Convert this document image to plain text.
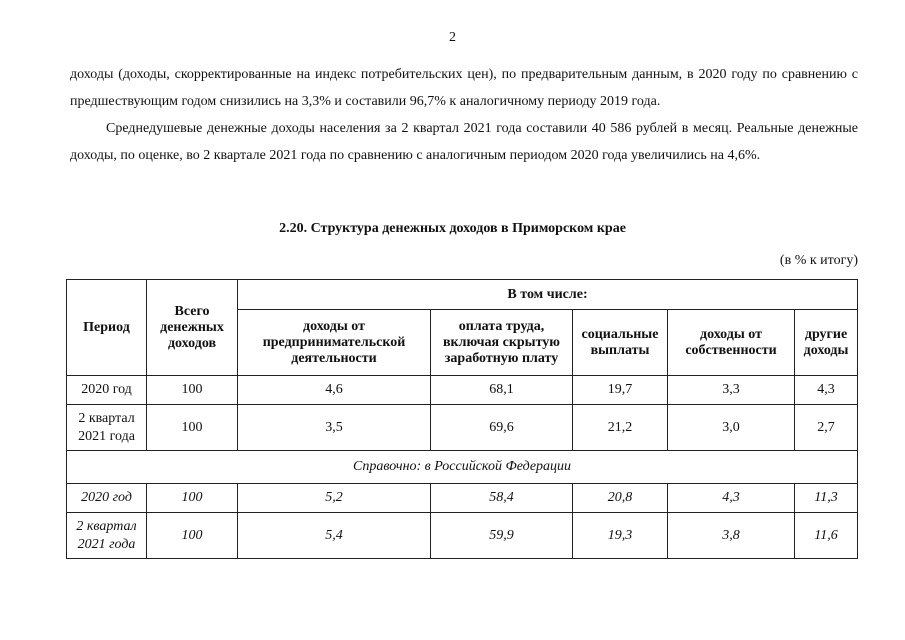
2

доходы (доходы, скорректированные на индекс потребительских цен), по предварительным данным, в 2020 году по сравнению с предшествующим годом снизились на 3,3% и составили 96,7% к аналогичному периоду 2019 года.

Среднедушевые денежные доходы населения за 2 квартал 2021 года составили 40 586 рублей в месяц. Реальные денежные доходы, по оценке, во 2 квартале 2021 года по сравнению с аналогичным периодом 2020 года увеличились на 4,6%.

2.20. Структура денежных доходов в Приморском крае
(в % к итогу)
Период	Всего денежных доходов	В том числе:				
		доходы от предпринимательской деятельности	оплата труда, включая скрытую заработную плату	социальные выплаты	доходы от собственности	другие доходы
2020 год	100	4,6	68,1	19,7	3,3	4,3
2 квартал 2021 года	100	3,5	69,6	21,2	3,0	2,7
Справочно: в Российской Федерации						
2020 год	100	5,2	58,4	20,8	4,3	11,3
2 квартал 2021 года	100	5,4	59,9	19,3	3,8	11,6
